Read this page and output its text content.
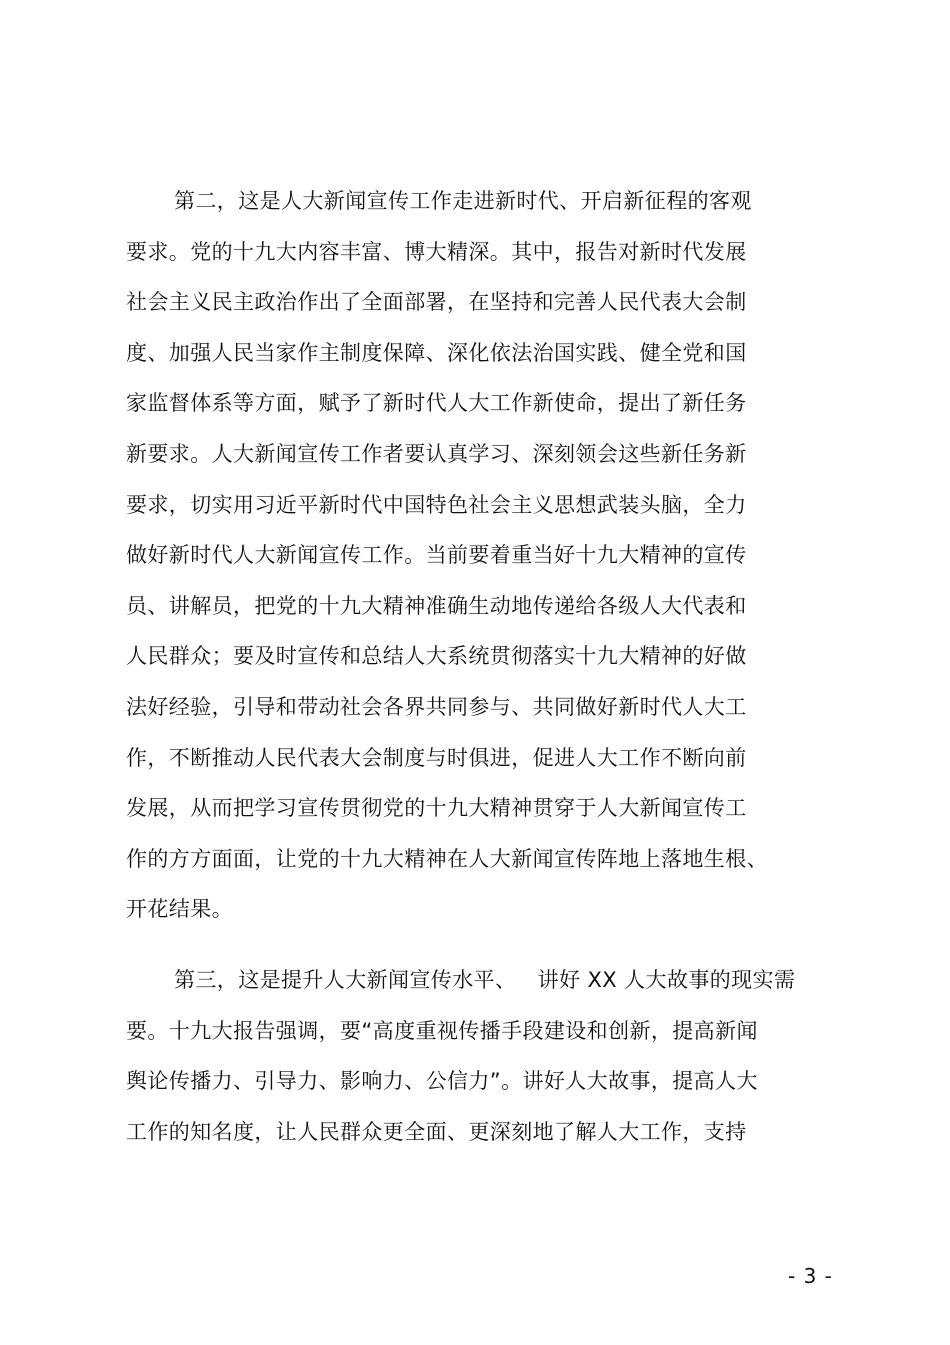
第二，这是人大新闻宣传工作走进新时代、开启新征程的客观
要求。党的十九大内容丰富、博大精深。其中，报告对新时代发展
社会主义民主政治作出了全面部署，在坚持和完善人民代表大会制
度、加强人民当家作主制度保障、深化依法治国实践、健全党和国
家监督体系等方面，赋予了新时代人大工作新使命，提出了新任务
新要求。人大新闻宣传工作者要认真学习、深刻领会这些新任务新
要求，切实用习近平新时代中国特色社会主义思想武装头脑，全力
做好新时代人大新闻宣传工作。当前要着重当好十九大精神的宣传
员、讲解员，把党的十九大精神准确生动地传递给各级人大代表和
人民群众；要及时宣传和总结人大系统贯彻落实十九大精神的好做
法好经验，引导和带动社会各界共同参与、共同做好新时代人大工
作，不断推动人民代表大会制度与时俱进，促进人大工作不断向前
发展，从而把学习宣传贯彻党的十九大精神贯穿于人大新闻宣传工
作的方方面面，让党的十九大精神在人大新闻宣传阵地上落地生根、
开花结果。
第三，这是提升人大新闻宣传水平、   讲好 XX 人大故事的现实需
要。十九大报告强调，要“高度重视传播手段建设和创新，提高新闻
舆论传播力、引导力、影响力、公信力”。讲好人大故事，提高人大
工作的知名度，让人民群众更全面、更深刻地了解人大工作，支持
- 3 -
